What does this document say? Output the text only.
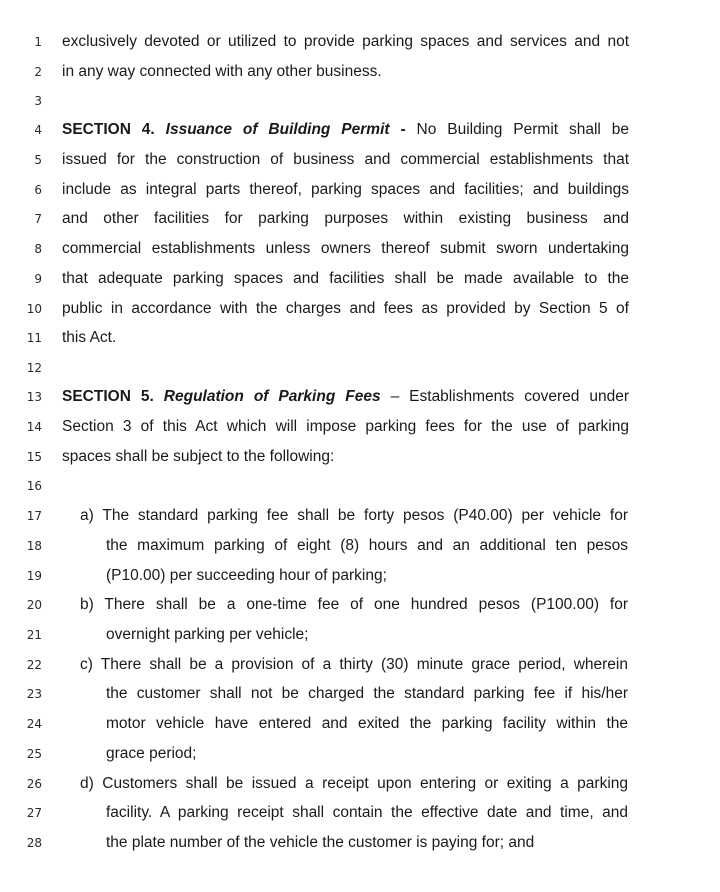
1 exclusively devoted or utilized to provide parking spaces and services and not
2 in any way connected with any other business.
3
4 SECTION 4. Issuance of Building Permit - No Building Permit shall be
5 issued for the construction of business and commercial establishments that
6 include as integral parts thereof, parking spaces and facilities; and buildings
7 and other facilities for parking purposes within existing business and
8 commercial establishments unless owners thereof submit sworn undertaking
9 that adequate parking spaces and facilities shall be made available to the
10 public in accordance with the charges and fees as provided by Section 5 of
11 this Act.
12
13 SECTION 5. Regulation of Parking Fees – Establishments covered under
14 Section 3 of this Act which will impose parking fees for the use of parking
15 spaces shall be subject to the following:
16
17 a) The standard parking fee shall be forty pesos (P40.00) per vehicle for
18	the maximum parking of eight (8) hours and an additional ten pesos
19	(P10.00) per succeeding hour of parking;
20 b) There shall be a one-time fee of one hundred pesos (P100.00) for
21	overnight parking per vehicle;
22 c) There shall be a provision of a thirty (30) minute grace period, wherein
23	the customer shall not be charged the standard parking fee if his/her
24	motor vehicle have entered and exited the parking facility within the
25	grace period;
26 d) Customers shall be issued a receipt upon entering or exiting a parking
27	facility. A parking receipt shall contain the effective date and time, and
28	the plate number of the vehicle the customer is paying for; and
